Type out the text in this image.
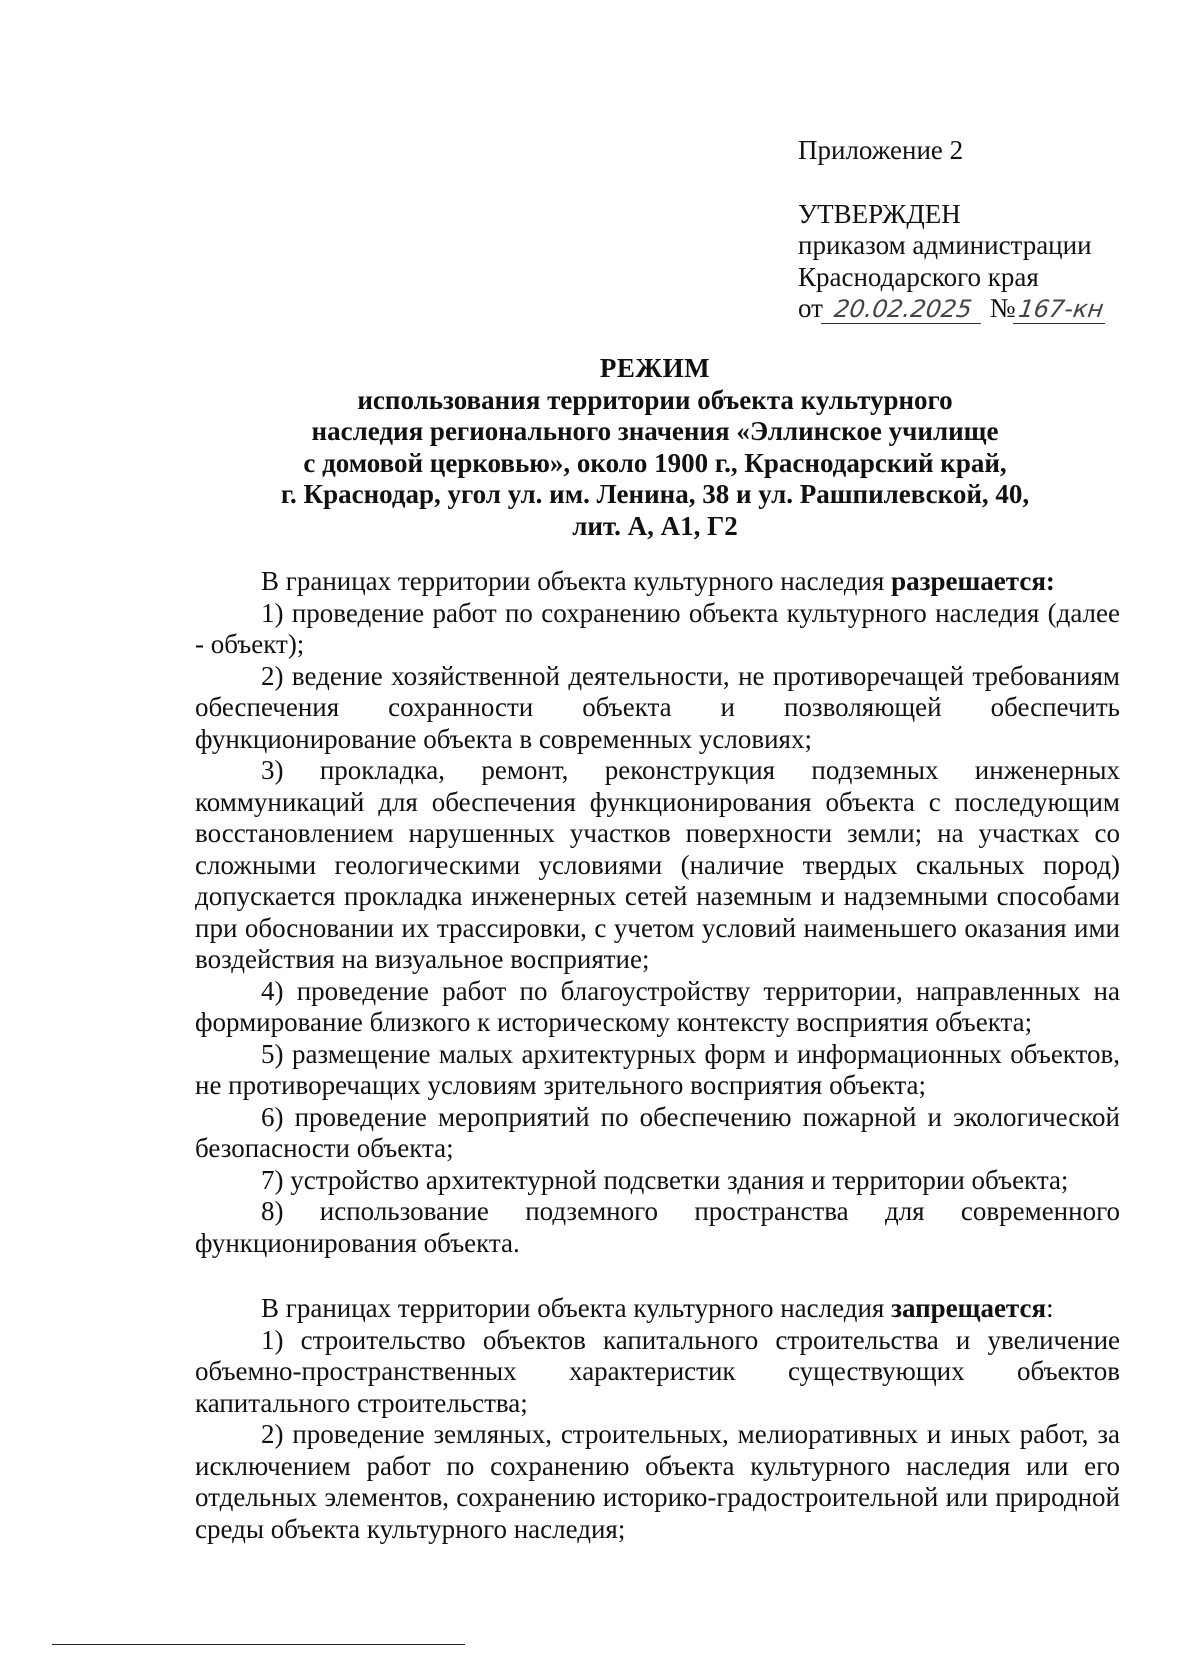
Приложение 2
УТВЕРЖДЕН
приказом администрации
Краснодарского края
от 20.02.2025 №167-кн
РЕЖИМ
использования территории объекта культурного
наследия регионального значения «Эллинское училище
с домовой церковью», около 1900 г., Краснодарский край,
г. Краснодар, угол ул. им. Ленина, 38 и ул. Рашпилевской, 40,
лит. А, А1, Г2

В границах территории объекта культурного наследия разрешается:

1) проведение работ по сохранению объекта культурного наследия (далее - объект);

2) ведение хозяйственной деятельности, не противоречащей требованиям обеспечения сохранности объекта и позволяющей обеспечить функционирование объекта в современных условиях;

3) прокладка, ремонт, реконструкция подземных инженерных коммуникаций для обеспечения функционирования объекта с последующим восстановлением нарушенных участков поверхности земли; на участках со сложными геологическими условиями (наличие твердых скальных пород) допускается прокладка инженерных сетей наземным и надземными способами при обосновании их трассировки, с учетом условий наименьшего оказания ими воздействия на визуальное восприятие;

4) проведение работ по благоустройству территории, направленных на формирование близкого к историческому контексту восприятия объекта;

5) размещение малых архитектурных форм и информационных объектов, не противоречащих условиям зрительного восприятия объекта;

6) проведение мероприятий по обеспечению пожарной и экологической безопасности объекта;

7) устройство архитектурной подсветки здания и территории объекта;

8) использование подземного пространства для современного функционирования объекта.

В границах территории объекта культурного наследия запрещается:

1) строительство объектов капитального строительства и увеличение объемно-пространственных характеристик существующих объектов капитального строительства;

2) проведение земляных, строительных, мелиоративных и иных работ, за исключением работ по сохранению объекта культурного наследия или его отдельных элементов, сохранению историко-градостроительной или природной среды объекта культурного наследия;
